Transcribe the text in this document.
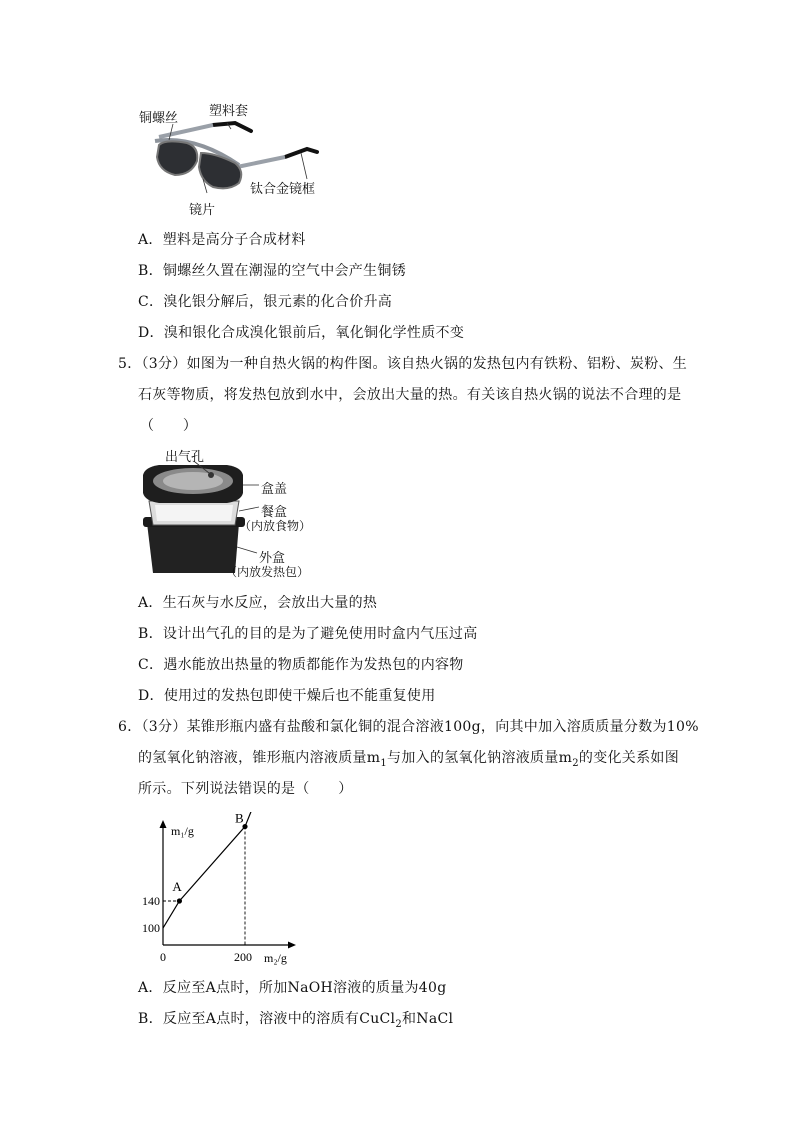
铜螺丝 塑料套
钛合金镜框
镜片
A．塑料是高分子合成材料
B．铜螺丝久置在潮湿的空气中会产生铜锈
C．溴化银分解后，银元素的化合价升高
D．溴和银化合成溴化银前后，氧化铜化学性质不变
5．（3分）如图为一种自热火锅的构件图。该自热火锅的发热包内有铁粉、铝粉、炭粉、生
石灰等物质，将发热包放到水中，会放出大量的热。有关该自热火锅的说法不合理的是
（　　）
出气孔
盒盖
餐盒
（内放食物）
外盒
（内放发热包）
A．生石灰与水反应，会放出大量的热
B．设计出气孔的目的是为了避免使用时盒内气压过高
C．遇水能放出热量的物质都能作为发热包的内容物
D．使用过的发热包即使干燥后也不能重复使用
6．（3分）某锥形瓶内盛有盐酸和氯化铜的混合溶液100g，向其中加入溶质质量分数为10%
的氢氧化钠溶液，锥形瓶内溶液质量$m_1$与加入的氢氧化钠溶液质量$m_2$的变化关系如图
所示。下列说法错误的是（　　）
A
B
140
100
200
0
m₁/g
m₂/g
A．反应至A点时，所加NaOH溶液的质量为40g
B．反应至A点时，溶液中的溶质有CuCl$_2$和NaCl
